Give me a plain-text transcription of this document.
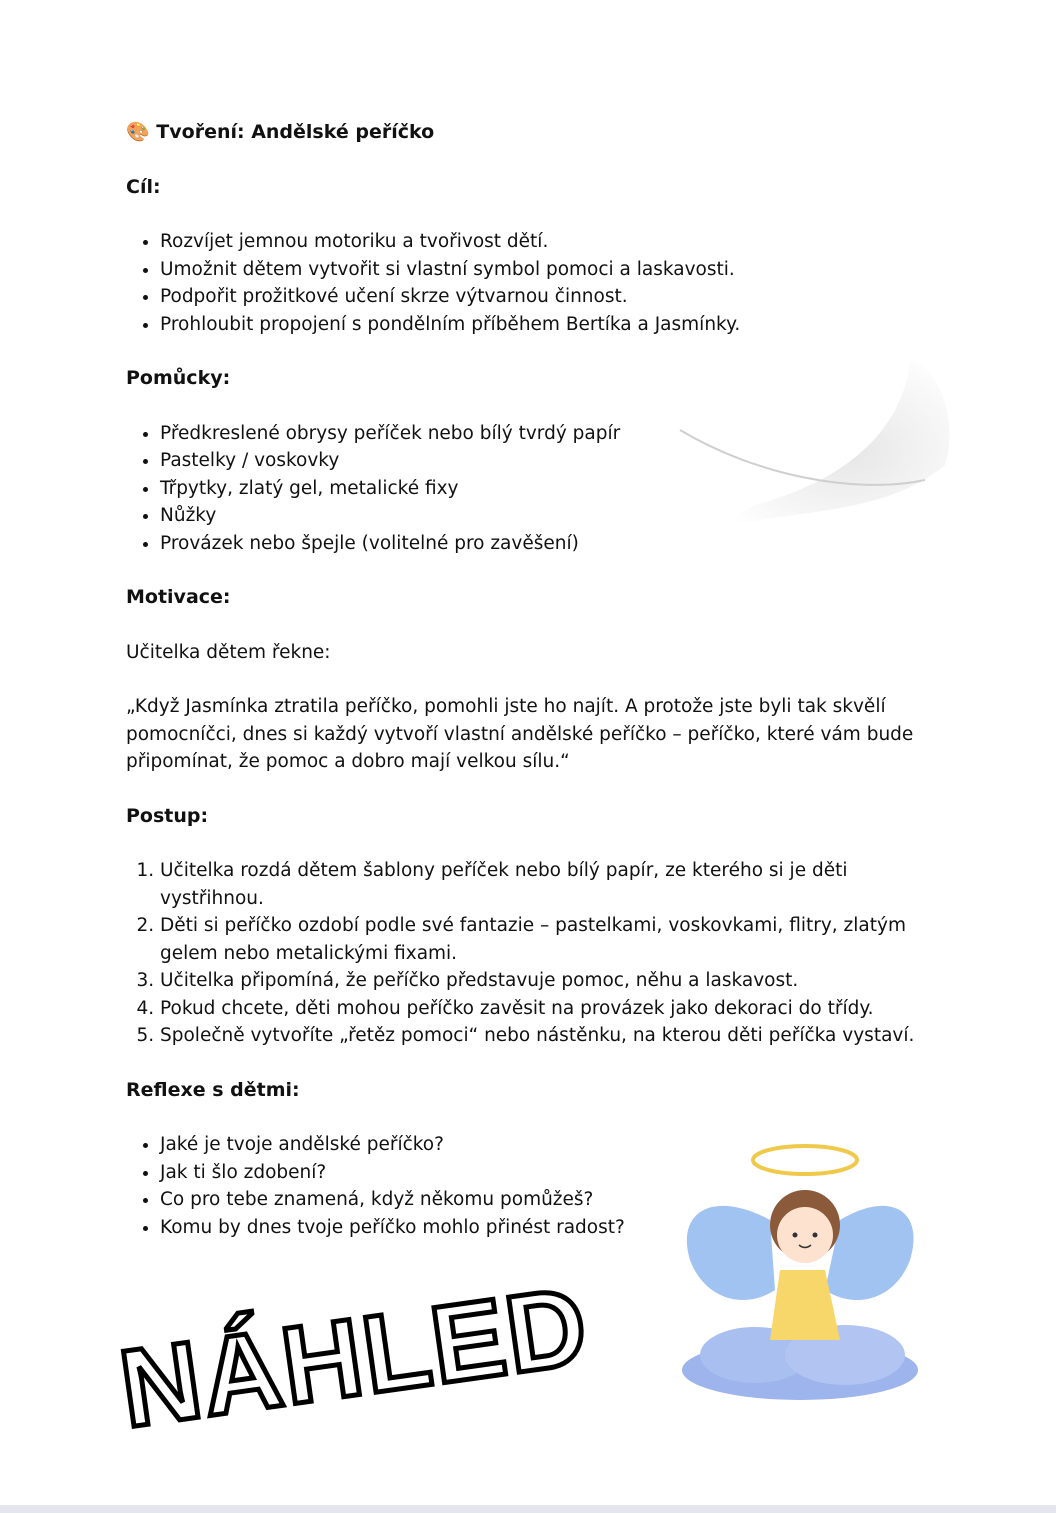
🎨 Tvoření: Andělské peříčko
Cíl:
• Rozvíjet jemnou motoriku a tvořivost dětí.
• Umožnit dětem vytvořit si vlastní symbol pomoci a laskavosti.
• Podpořit prožitkové učení skrze výtvarnou činnost.
• Prohloubit propojení s pondělním příběhem Bertíka a Jasmínky.
Pomůcky:
• Předkreslené obrysy peříček nebo bílý tvrdý papír
• Pastelky / voskovky
• Třpytky, zlatý gel, metalické fixy
• Nůžky
• Provázek nebo špejle (volitelné pro zavěšení)
Motivace:

Učitelka dětem řekne:

„Když Jasmínka ztratila peříčko, pomohli jste ho najít. A protože jste byli tak skvělí pomocníčci, dnes si každý vytvoří vlastní andělské peříčko – peříčko, které vám bude připomínat, že pomoc a dobro mají velkou sílu.“

Postup:
1. Učitelka rozdá dětem šablony peříček nebo bílý papír, ze kterého si je děti vystřihnou.
2. Děti si peříčko ozdobí podle své fantazie – pastelkami, voskovkami, flitry, zlatým gelem nebo metalickými fixami.
3. Učitelka připomíná, že peříčko představuje pomoc, něhu a laskavost.
4. Pokud chcete, děti mohou peříčko zavěsit na provázek jako dekoraci do třídy.
5. Společně vytvoříte „řetěz pomoci“ nebo nástěnku, na kterou děti peříčka vystaví.
Reflexe s dětmi:
• Jaké je tvoje andělské peříčko?
• Jak ti šlo zdobení?
• Co pro tebe znamená, když někomu pomůžeš?
• Komu by dnes tvoje peříčko mohlo přinést radost?
NÁHLED
